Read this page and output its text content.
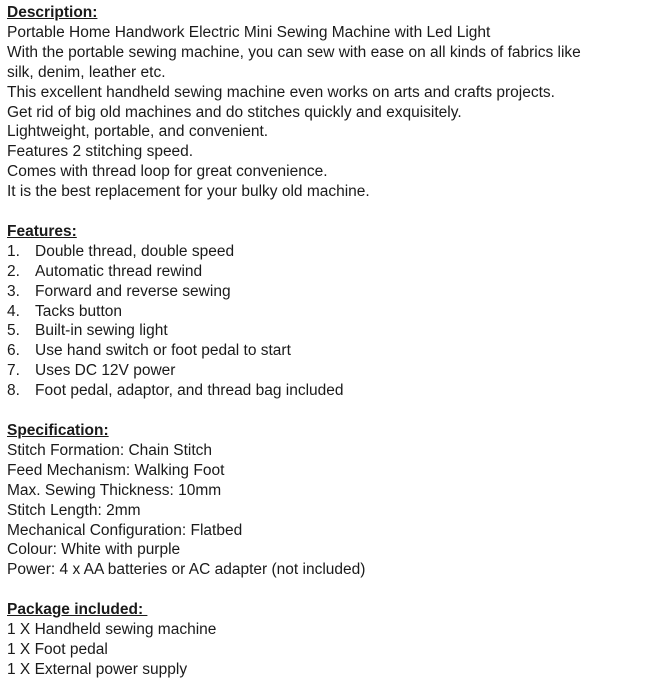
Description:
Portable Home Handwork Electric Mini Sewing Machine with Led Light
With the portable sewing machine, you can sew with ease on all kinds of fabrics like
silk, denim, leather etc.
This excellent handheld sewing machine even works on arts and crafts projects.
Get rid of big old machines and do stitches quickly and exquisitely.
Lightweight, portable, and convenient.
Features 2 stitching speed.
Comes with thread loop for great convenience.
It is the best replacement for your bulky old machine.
Features:
1. Double thread, double speed
2. Automatic thread rewind
3. Forward and reverse sewing
4. Tacks button
5. Built-in sewing light
6. Use hand switch or foot pedal to start
7. Uses DC 12V power
8. Foot pedal, adaptor, and thread bag included
Specification:
Stitch Formation: Chain Stitch
Feed Mechanism: Walking Foot
Max. Sewing Thickness: 10mm
Stitch Length: 2mm
Mechanical Configuration: Flatbed
Colour: White with purple
Power: 4 x AA batteries or AC adapter (not included)
Package included:
1 X Handheld sewing machine
1 X Foot pedal
1 X External power supply
